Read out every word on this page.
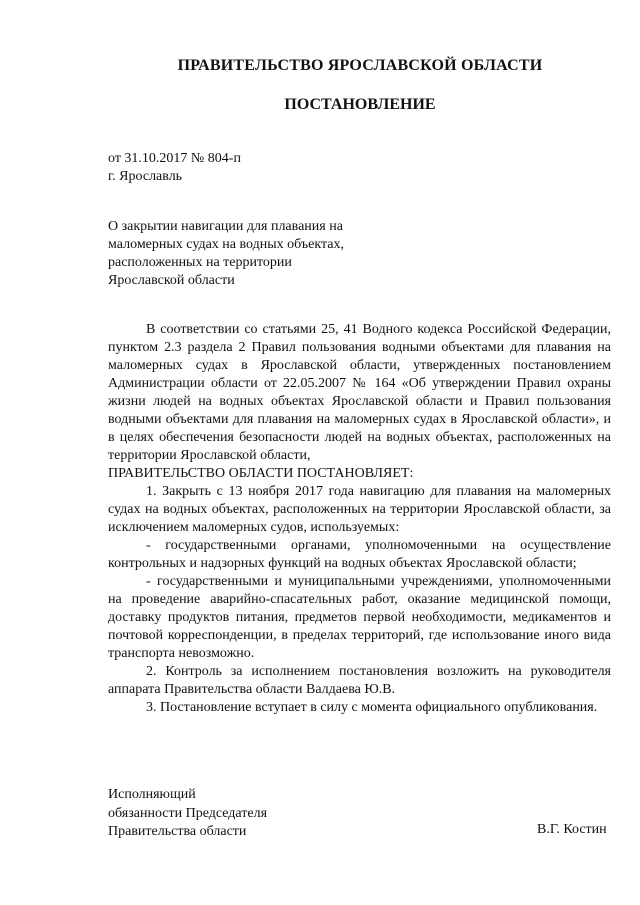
ПРАВИТЕЛЬСТВО ЯРОСЛАВСКОЙ ОБЛАСТИ
ПОСТАНОВЛЕНИЕ
от 31.10.2017 № 804-п
г. Ярославль
О закрытии навигации для плавания на маломерных судах на водных объектах, расположенных на территории Ярославской области

В соответствии со статьями 25, 41 Водного кодекса Российской Федерации, пунктом 2.3 раздела 2 Правил пользования водными объектами для плавания на маломерных судах в Ярославской области, утвержденных постановлением Администрации области от 22.05.2007 № 164 «Об утверждении Правил охраны жизни людей на водных объектах Ярославской области и Правил пользования водными объектами для плавания на маломерных судах в Ярославской области», и в целях обеспечения безопасности людей на водных объектах, расположенных на территории Ярославской области,

ПРАВИТЕЛЬСТВО ОБЛАСТИ ПОСТАНОВЛЯЕТ:

1. Закрыть с 13 ноября 2017 года навигацию для плавания на маломерных судах на водных объектах, расположенных на территории Ярославской области, за исключением маломерных судов, используемых:

- государственными органами, уполномоченными на осуществление контрольных и надзорных функций на водных объектах Ярославской области;

- государственными и муниципальными учреждениями, уполномоченными на проведение аварийно-спасательных работ, оказание медицинской помощи, доставку продуктов питания, предметов первой необходимости, медикаментов и почтовой корреспонденции, в пределах территорий, где использование иного вида транспорта невозможно.

2. Контроль за исполнением постановления возложить на руководителя аппарата Правительства области Валдаева Ю.В.

3. Постановление вступает в силу с момента официального опубликования.

Исполняющий
обязанности Председателя
Правительства области	В.Г. Костин
